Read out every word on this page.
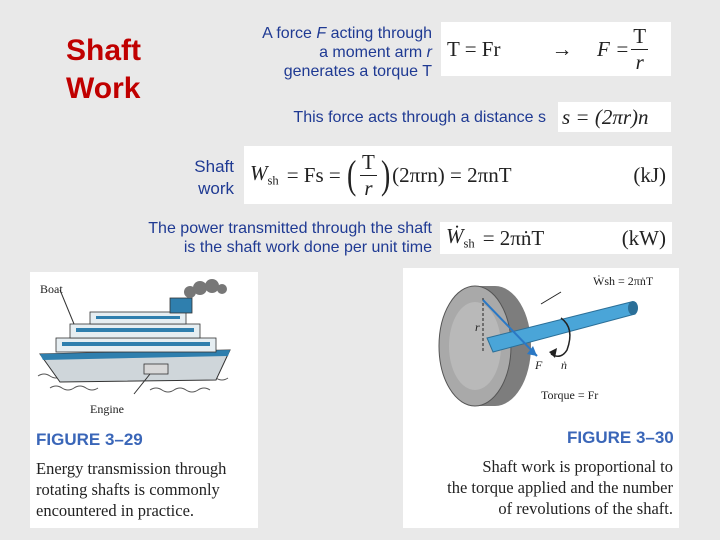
Shaft Work
A force F acting through
a moment arm r
generates a torque T
T = Fr	→	$F = \frac{T}{r}$
This force acts through a distance s s = (2πr)n
Shaft
work
$W_{sh} = Fs$ = ( $\frac{T}{r}$ ) (2πrn) = 2πnT	(kJ)
The power transmitted through the shaft
is the shaft work done per unit time Ẇ$_{sh}$ = 2πṅT	(kW)
Boat
Engine
FIGURE 3–29
Energy transmission through
rotating shafts is commonly
encountered in practice.
Ẇsh = 2πṅT
r
ṅ
F
Torque = Fr
FIGURE 3–30
Shaft work is proportional to
the torque applied and the number
of revolutions of the shaft.
